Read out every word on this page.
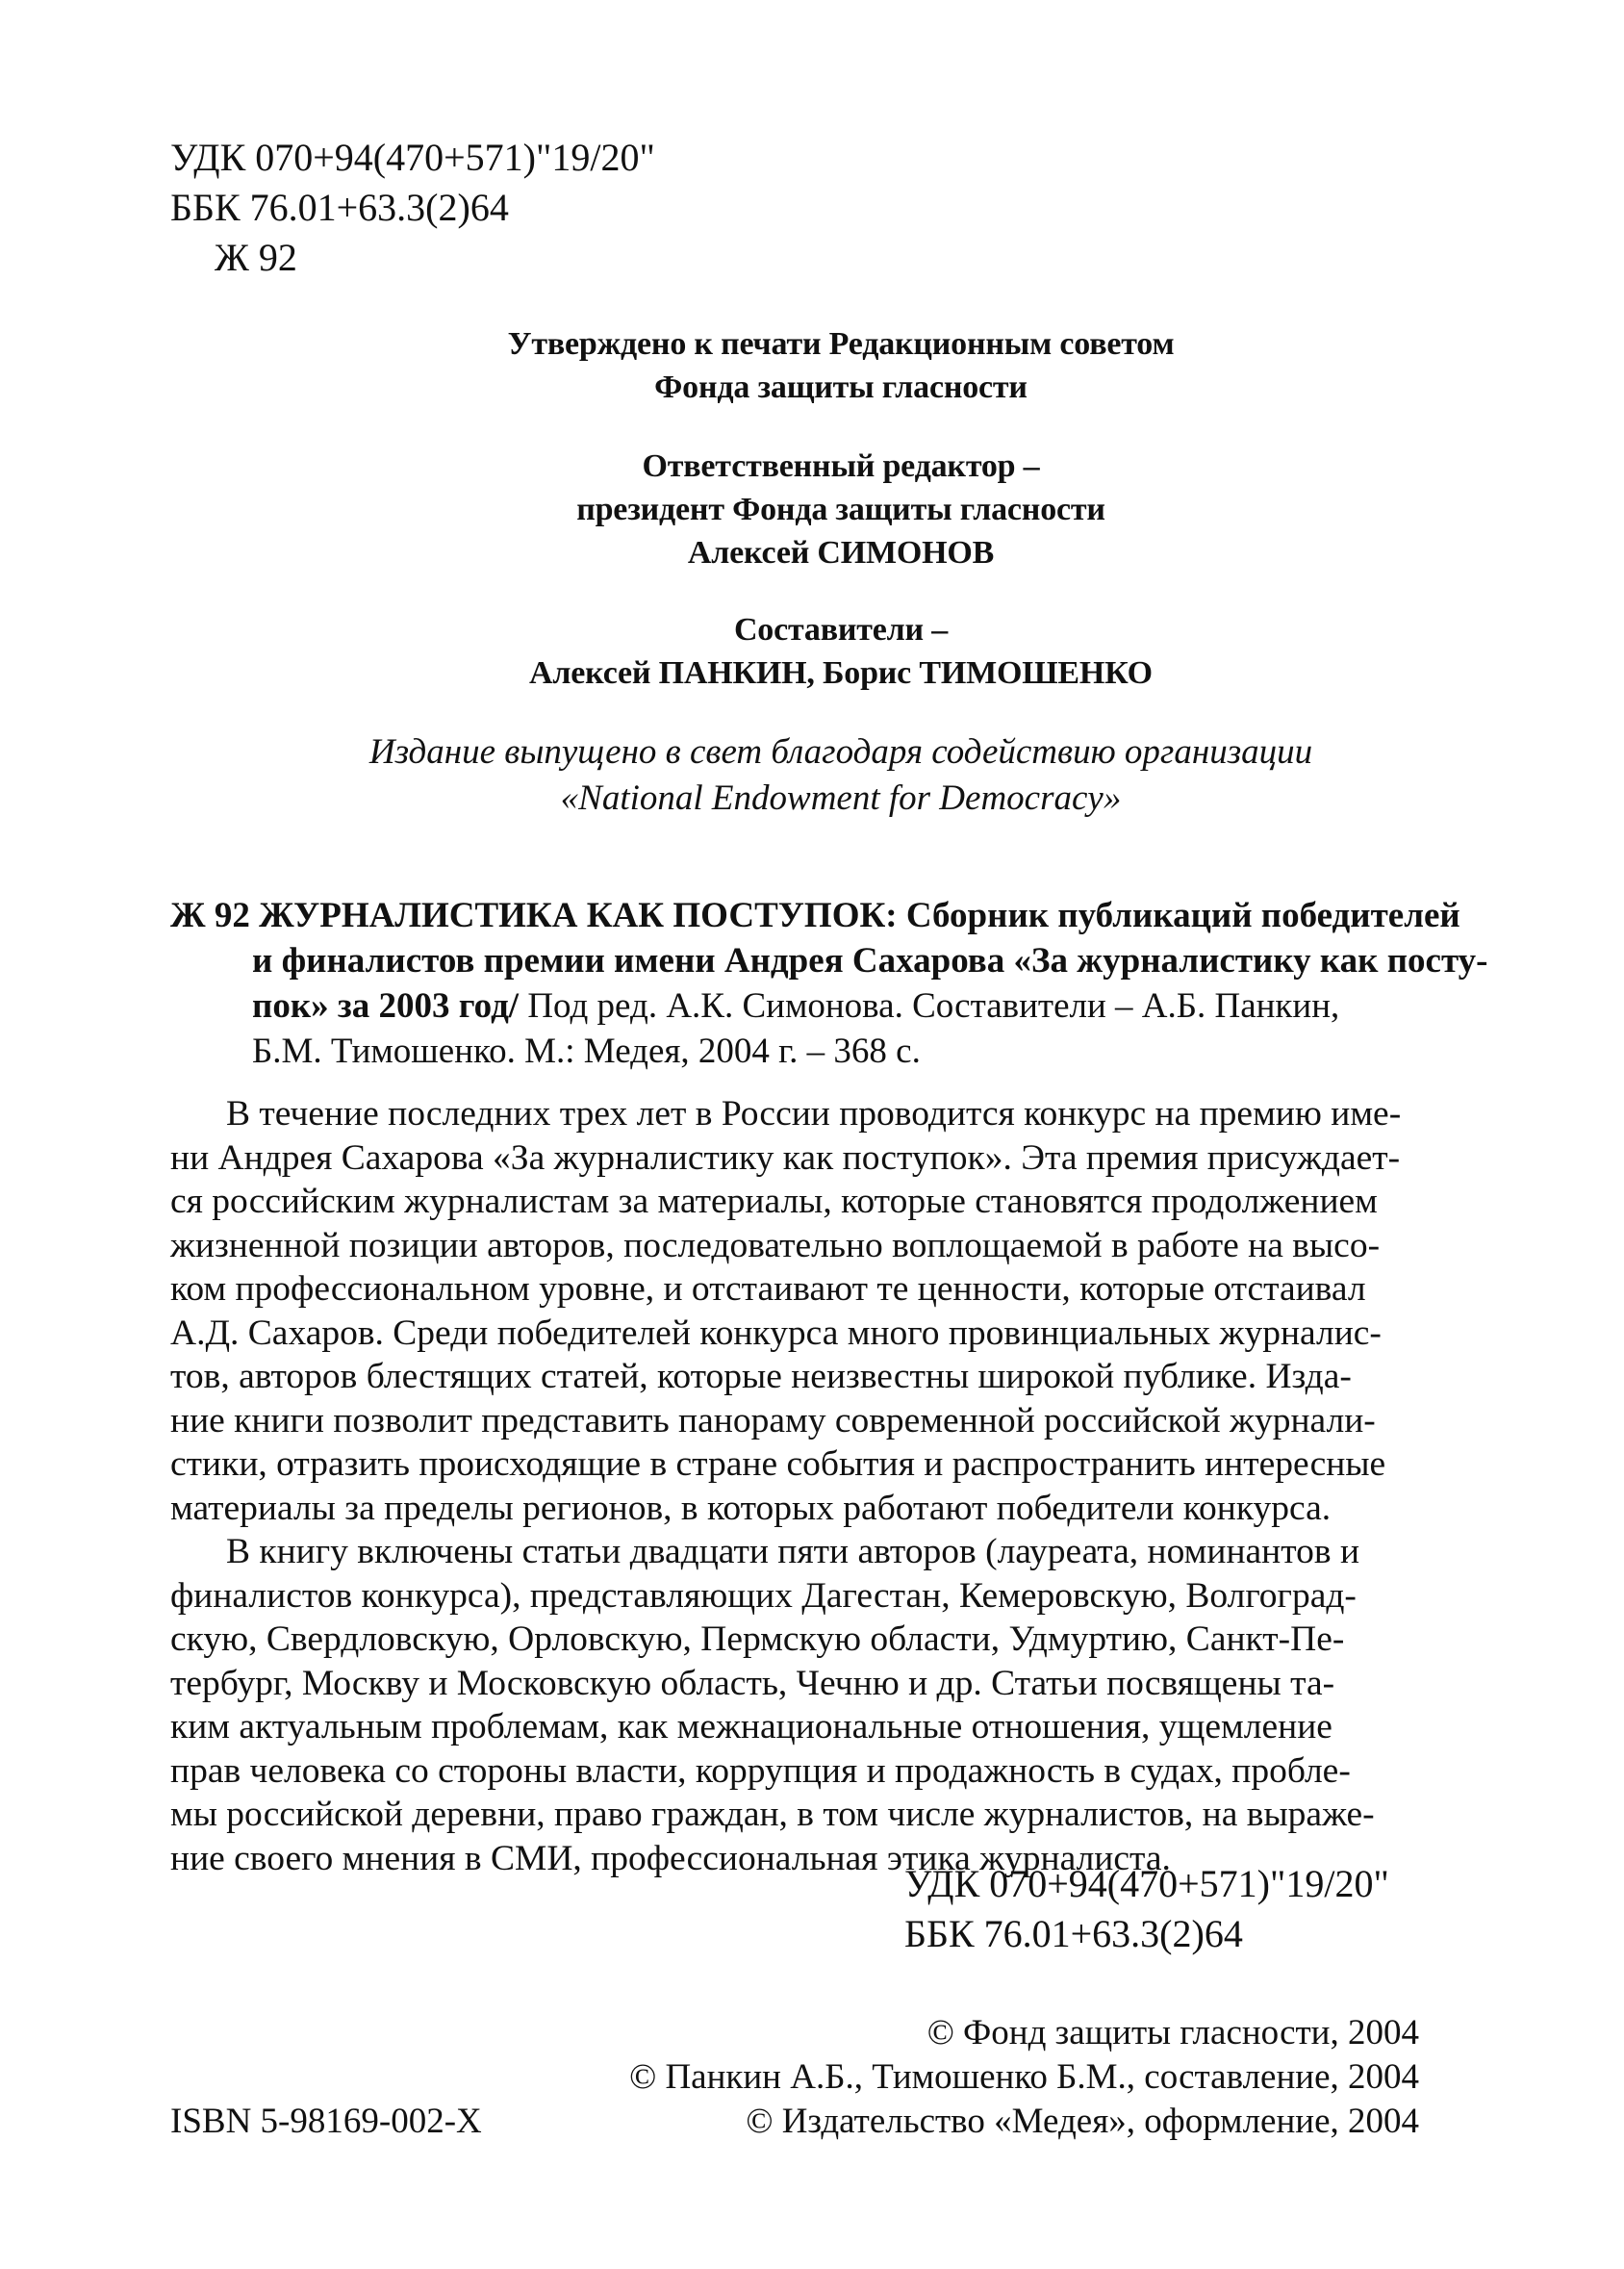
УДК 070+94(470+571)"19/20"
ББК 76.01+63.3(2)64
Ж 92
Утверждено к печати Редакционным советом
Фонда защиты гласности
Ответственный редактор –
президент Фонда защиты гласности
Алексей СИМОНОВ
Составители –
Алексей ПАНКИН, Борис ТИМОШЕНКО
Издание выпущено в свет благодаря содействию организации
«National Endowment for Democracy»
Ж 92 ЖУРНАЛИСТИКА КАК ПОСТУПОК: Сборник публикаций победителей
и финалистов премии имени Андрея Сахарова «За журналистику как посту-
пок» за 2003 год/ Под ред. А.К. Симонова. Составители – А.Б. Панкин,
Б.М. Тимошенко. М.: Медея, 2004 г. – 368 с.
В течение последних трех лет в России проводится конкурс на премию име-
ни Андрея Сахарова «За журналистику как поступок». Эта премия присуждает-
ся российским журналистам за материалы, которые становятся продолжением
жизненной позиции авторов, последовательно воплощаемой в работе на высо-
ком профессиональном уровне, и отстаивают те ценности, которые отстаивал
А.Д. Сахаров. Среди победителей конкурса много провинциальных журналис-
тов, авторов блестящих статей, которые неизвестны широкой публике. Изда-
ние книги позволит представить панораму современной российской журнали-
стики, отразить происходящие в стране события и распространить интересные
материалы за пределы регионов, в которых работают победители конкурса.
В книгу включены статьи двадцати пяти авторов (лауреата, номинантов и
финалистов конкурса), представляющих Дагестан, Кемеровскую, Волгоград-
скую, Свердловскую, Орловскую, Пермскую области, Удмуртию, Санкт-Пе-
тербург, Москву и Московскую область, Чечню и др. Статьи посвящены та-
ким актуальным проблемам, как межнациональные отношения, ущемление
прав человека со стороны власти, коррупция и продажность в судах, пробле-
мы российской деревни, право граждан, в том числе журналистов, на выраже-
ние своего мнения в СМИ, профессиональная этика журналиста.
УДК 070+94(470+571)"19/20"
ББК 76.01+63.3(2)64
© Фонд защиты гласности, 2004
© Панкин А.Б., Тимошенко Б.М., составление, 2004
© Издательство «Медея», оформление, 2004
ISBN 5-98169-002-X
